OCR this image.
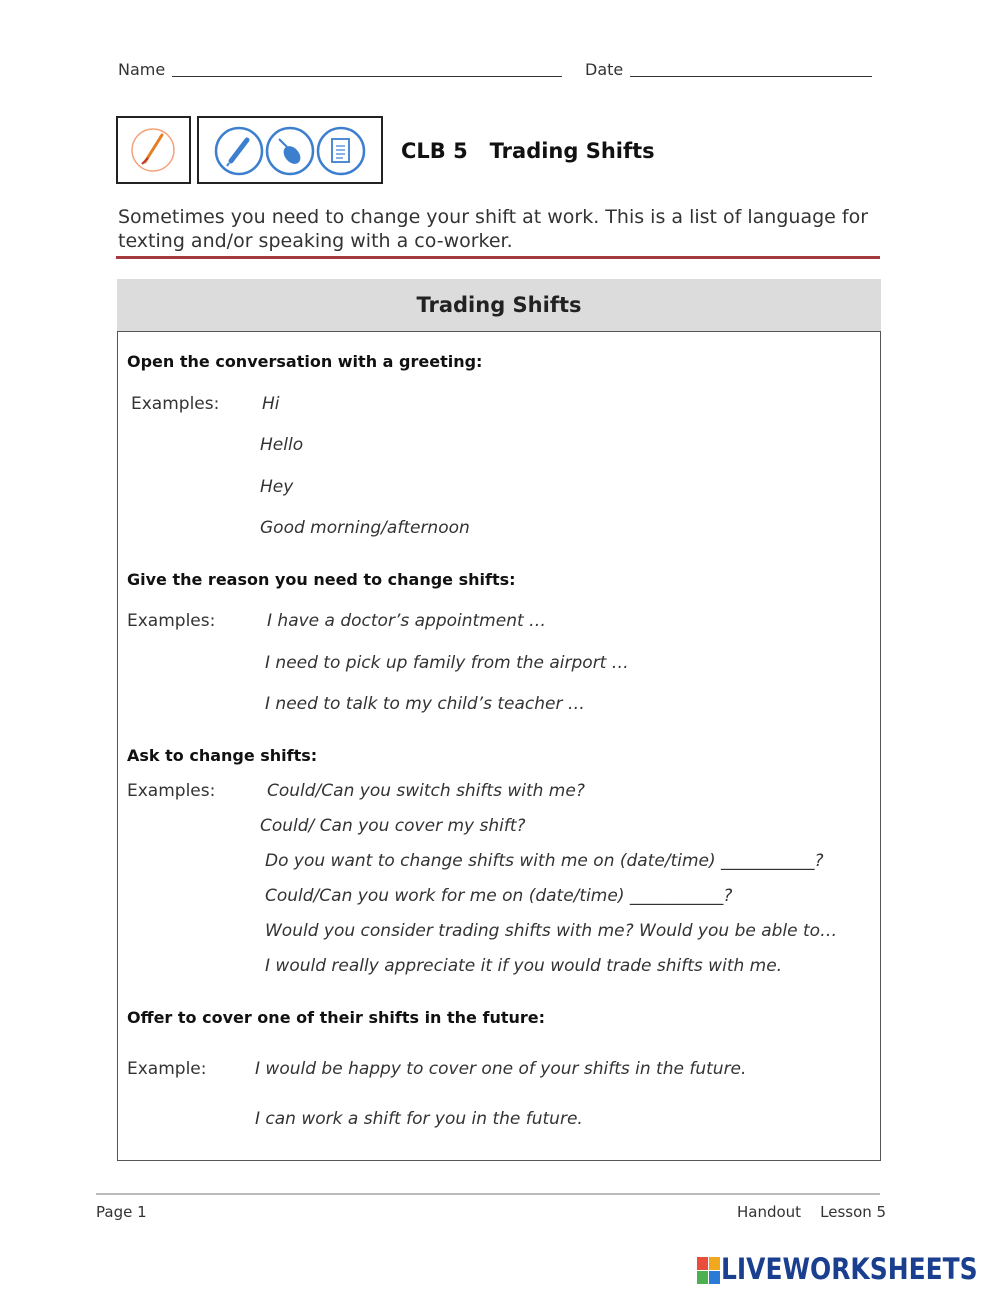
Name	Date
CLB 5   Trading Shifts
Sometimes you need to change your shift at work. This is a list of language for
texting and/or speaking with a co-worker.
Trading Shifts
Open the conversation with a greeting:
Examples:	Hi
Hello
Hey
Good morning/afternoon
Give the reason you need to change shifts:
Examples:	I have a doctor’s appointment …
I need to pick up family from the airport …
I need to talk to my child’s teacher …
Ask to change shifts:
Examples:	Could/Can you switch shifts with me?
Could/ Can you cover my shift?
Do you want to change shifts with me on (date/time) ___________?
Could/Can you work for me on (date/time) ___________?
Would you consider trading shifts with me? Would you be able to…
I would really appreciate it if you would trade shifts with me.
Offer to cover one of their shifts in the future:
Example:	I would be happy to cover one of your shifts in the future.
I can work a shift for you in the future.
Page 1	Handout    Lesson 5
LIVEWORKSHEETS
